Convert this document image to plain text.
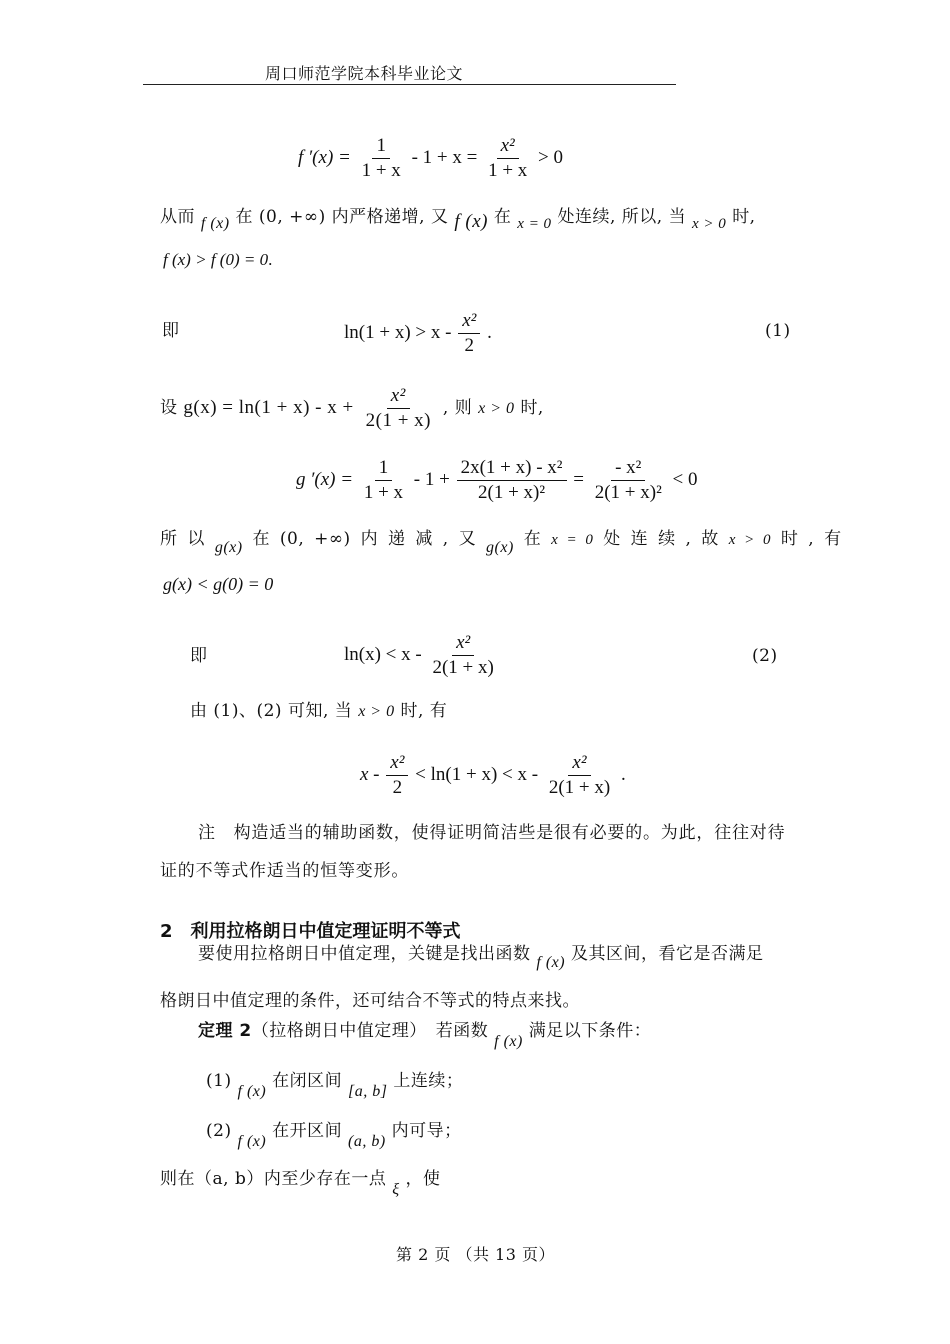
周口师范学院本科毕业论文
f $'(x) = \frac{1}{1 + x} - 1 + x = \frac{\text{x²}}{1 + x} > 0$
从而 f (x) 在 (0, +∞) 内严格递增, 又 f (x) 在 x = 0 处连续, 所以, 当 x > 0 时,
f (x) > f (0) = 0.
即	$\ln(1 + x) > x - \frac{\text{x²}}{2}$ .	(1)
设 $g(x) = \ln(1 + x) - x + \frac{\text{x²}}{2(1 + x)}$ , 则 x > 0 时,
g $'(x) = \frac{1}{1 + x} - 1 + \frac{\text{2x(1 + x) - x²}}{\text{2(1 + x)²}} = \frac{\text{- x²}}{\text{2(1 + x)²}} < 0$
所 以 g(x) 在 (0, +∞) 内 递 减 , 又 g(x) 在 x = 0 处 连 续 , 故 x > 0 时 , 有
g(x) < g(0) = 0
即	$\ln(x) < x - \frac{\text{x²}}{2(1 + x)}$	(2)
由 (1)、(2) 可知, 当 x > 0 时, 有
$x - \frac{\text{x²}}{2} < \ln(1 + x) < x - \frac{\text{x²}}{2(1 + x)}$ .
注　构造适当的辅助函数，使得证明简洁些是很有必要的。为此，往往对待
证的不等式作适当的恒等变形。
2　利用拉格朗日中值定理证明不等式
要使用拉格朗日中值定理，关键是找出函数 f (x) 及其区间，看它是否满足
格朗日中值定理的条件，还可结合不等式的特点来找。
定理 2（拉格朗日中值定理）　若函数 f (x) 满足以下条件：
(1) f (x) 在闭区间 [a, b] 上连续；
(2) f (x) 在开区间 (a, b) 内可导；
则在（a, b）内至少存在一点 ξ ，使
第 2 页 （共 13 页）
